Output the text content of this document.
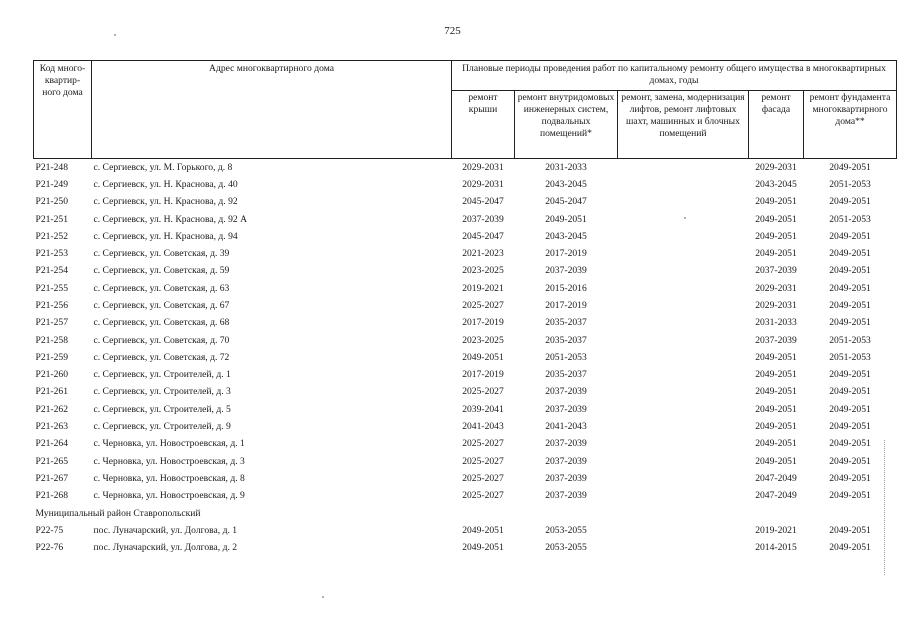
725
Код много-квартир-ного дома	Адрес многоквартирного дома	Плановые периоды проведения работ по капитальному ремонту общего имущества в многоквартирных домах, годы				
		ремонт крыши	ремонт внутридомовых инженерных систем, подвальных помещений*	ремонт, замена, модернизация лифтов, ремонт лифтовых шахт, машинных и блочных помещений	ремонт фасада	ремонт фундамента многоквартирного дома**
P21-248	с. Сергиевск, ул. М. Горького, д. 8	2029-2031	2031-2033		2029-2031	2049-2051
P21-249	с. Сергиевск, ул. Н. Краснова, д. 40	2029-2031	2043-2045		2043-2045	2051-2053
P21-250	с. Сергиевск, ул. Н. Краснова, д. 92	2045-2047	2045-2047		2049-2051	2049-2051
P21-251	с. Сергиевск, ул. Н. Краснова, д. 92 А	2037-2039	2049-2051		2049-2051	2051-2053
P21-252	с. Сергиевск, ул. Н. Краснова, д. 94	2045-2047	2043-2045		2049-2051	2049-2051
P21-253	с. Сергиевск, ул. Советская, д. 39	2021-2023	2017-2019		2049-2051	2049-2051
P21-254	с. Сергиевск, ул. Советская, д. 59	2023-2025	2037-2039		2037-2039	2049-2051
P21-255	с. Сергиевск, ул. Советская, д. 63	2019-2021	2015-2016		2029-2031	2049-2051
P21-256	с. Сергиевск, ул. Советская, д. 67	2025-2027	2017-2019		2029-2031	2049-2051
P21-257	с. Сергиевск, ул. Советская, д. 68	2017-2019	2035-2037		2031-2033	2049-2051
P21-258	с. Сергиевск, ул. Советская, д. 70	2023-2025	2035-2037		2037-2039	2051-2053
P21-259	с. Сергиевск, ул. Советская, д. 72	2049-2051	2051-2053		2049-2051	2051-2053
P21-260	с. Сергиевск, ул. Строителей, д. 1	2017-2019	2035-2037		2049-2051	2049-2051
P21-261	с. Сергиевск, ул. Строителей, д. 3	2025-2027	2037-2039		2049-2051	2049-2051
P21-262	с. Сергиевск, ул. Строителей, д. 5	2039-2041	2037-2039		2049-2051	2049-2051
P21-263	с. Сергиевск, ул. Строителей, д. 9	2041-2043	2041-2043		2049-2051	2049-2051
P21-264	с. Черновка, ул. Новостроевская, д. 1	2025-2027	2037-2039		2049-2051	2049-2051
P21-265	с. Черновка, ул. Новостроевская, д. 3	2025-2027	2037-2039		2049-2051	2049-2051
P21-267	с. Черновка, ул. Новостроевская, д. 8	2025-2027	2037-2039		2047-2049	2049-2051
P21-268	с. Черновка, ул. Новостроевская, д. 9	2025-2027	2037-2039		2047-2049	2049-2051
Муниципальный район Ставропольский						
P22-75	пос. Луначарский, ул. Долгова, д. 1	2049-2051	2053-2055		2019-2021	2049-2051
P22-76	пос. Луначарский, ул. Долгова, д. 2	2049-2051	2053-2055		2014-2015	2049-2051
